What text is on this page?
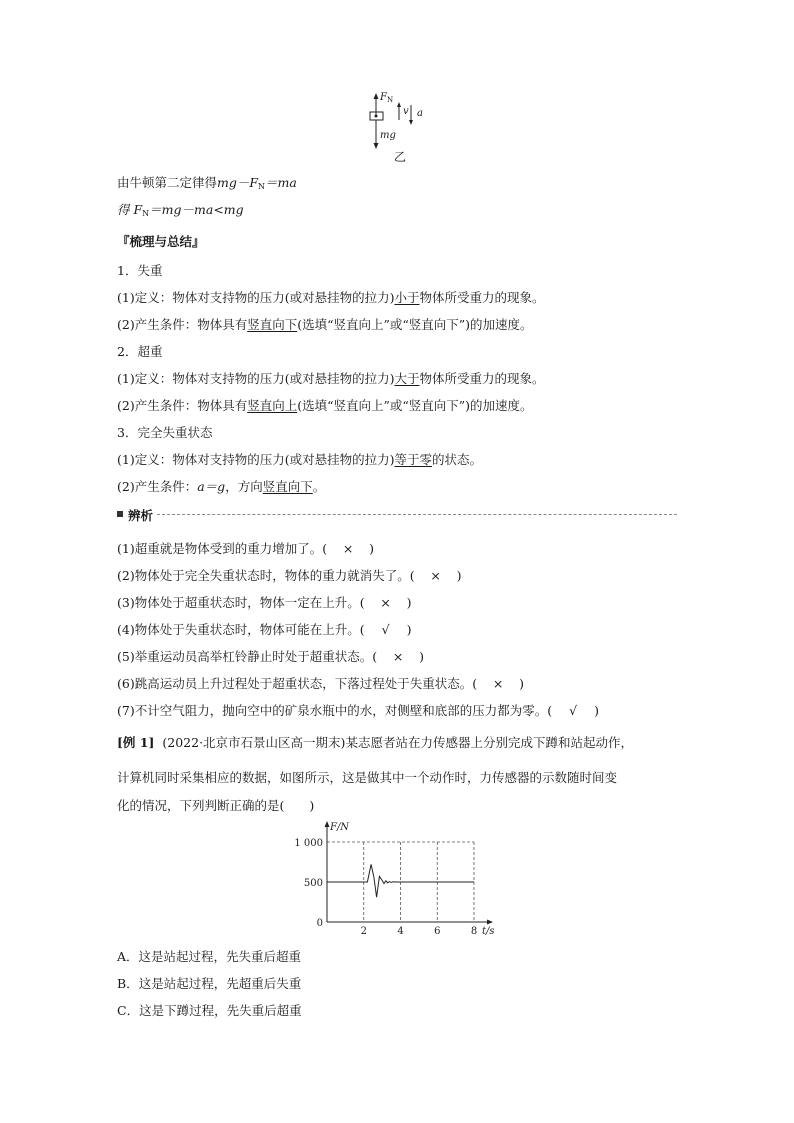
$F_N$
v a
mg
乙
由牛顿第二定律得$mg-F_N=ma$
得 $F_N=mg-ma<mg$
『梳理与总结』
1．失重
(1)定义：物体对支持物的压力(或对悬挂物的拉力)小于物体所受重力的现象。
(2)产生条件：物体具有竖直向下(选填“竖直向上”或“竖直向下”)的加速度。
2．超重
(1)定义：物体对支持物的压力(或对悬挂物的拉力)大于物体所受重力的现象。
(2)产生条件：物体具有竖直向上(选填“竖直向上”或“竖直向下”)的加速度。
3．完全失重状态
(1)定义：物体对支持物的压力(或对悬挂物的拉力)等于零的状态。
(2)产生条件：a＝g，方向竖直向下。
辨析
(1)超重就是物体受到的重力增加了。( × )
(2)物体处于完全失重状态时，物体的重力就消失了。( × )
(3)物体处于超重状态时，物体一定在上升。( × )
(4)物体处于失重状态时，物体可能在上升。( √ )
(5)举重运动员高举杠铃静止时处于超重状态。( × )
(6)跳高运动员上升过程处于超重状态，下落过程处于失重状态。( × )
(7)不计空气阻力，抛向空中的矿泉水瓶中的水，对侧壁和底部的压力都为零。( √ )
[例 1] (2022·北京市石景山区高一期末)某志愿者站在力传感器上分别完成下蹲和站起动作，
计算机同时采集相应的数据，如图所示，这是做其中一个动作时，力传感器的示数随时间变
化的情况，下列判断正确的是(　　)
2	4	6	8
0
500
1 000
F/N
t/s
A．这是站起过程，先失重后超重
B．这是站起过程，先超重后失重
C．这是下蹲过程，先失重后超重
